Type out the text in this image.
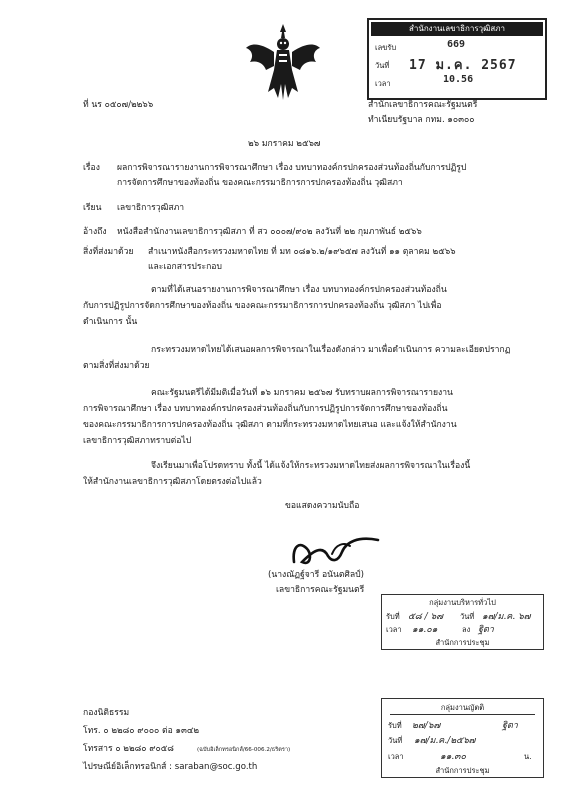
สำนักงานเลขาธิการวุฒิสภา
เลขรับ	669
วันที่ 17 ม.ค. 2567
เวลา	10.56
ที่ นร ๐๕๐๗/๒๒๖๖	สำนักเลขาธิการคณะรัฐมนตรี
ทำเนียบรัฐบาล กทม. ๑๐๓๐๐
๒๖ มกราคม ๒๕๖๗
เรื่อง ผลการพิจารณารายงานการพิจารณาศึกษา เรื่อง บทบาทองค์กรปกครองส่วนท้องถิ่นกับการปฏิรูป
การจัดการศึกษาของท้องถิ่น ของคณะกรรมาธิการการปกครองท้องถิ่น วุฒิสภา
เรียน เลขาธิการวุฒิสภา
อ้างถึง หนังสือสำนักงานเลขาธิการวุฒิสภา ที่ สว ๐๐๐๗/๙๐๒ ลงวันที่ ๒๒ กุมภาพันธ์ ๒๕๖๖
สิ่งที่ส่งมาด้วย สำเนาหนังสือกระทรวงมหาดไทย ที่ มท ๐๘๑๖.๒/๑๙๖๕๗ ลงวันที่ ๑๑ ตุลาคม ๒๕๖๖
และเอกสารประกอบ
ตามที่ได้เสนอรายงานการพิจารณาศึกษา เรื่อง บทบาทองค์กรปกครองส่วนท้องถิ่น
กับการปฏิรูปการจัดการศึกษาของท้องถิ่น ของคณะกรรมาธิการการปกครองท้องถิ่น วุฒิสภา ไปเพื่อ
ดำเนินการ นั้น
กระทรวงมหาดไทยได้เสนอผลการพิจารณาในเรื่องดังกล่าว มาเพื่อดำเนินการ ความละเอียดปรากฏ
ตามสิ่งที่ส่งมาด้วย
คณะรัฐมนตรีได้มีมติเมื่อวันที่ ๑๖ มกราคม ๒๕๖๗ รับทราบผลการพิจารณารายงาน
การพิจารณาศึกษา เรื่อง บทบาทองค์กรปกครองส่วนท้องถิ่นกับการปฏิรูปการจัดการศึกษาของท้องถิ่น
ของคณะกรรมาธิการการปกครองท้องถิ่น วุฒิสภา ตามที่กระทรวงมหาดไทยเสนอ และแจ้งให้สำนักงาน
เลขาธิการวุฒิสภาทราบต่อไป
จึงเรียนมาเพื่อโปรดทราบ ทั้งนี้ ได้แจ้งให้กระทรวงมหาดไทยส่งผลการพิจารณาในเรื่องนี้
ให้สำนักงานเลขาธิการวุฒิสภาโดยตรงต่อไปแล้ว
ขอแสดงความนับถือ
(นางณัฏฐ์จารี อนันตศิลป์)
เลขาธิการคณะรัฐมนตรี
กลุ่มงานบริหารทั่วไป
รับที่ ๕๘ / ๖๗ วันที่ ๑๗/ม.ค. ๖๗
เวลา ๑๑.๐๑	ลง ฐิตา
สำนักการประชุม
กลุ่มงานญัตติ
รับที่ ๒๗/๖๗	ฐิตา
วันที่ ๑๗/ม.ค./๒๕๖๗
เวลา	๑๑.๓๐	น.
สำนักการประชุม
กองนิติธรรม
โทร. ๐ ๒๒๘๐ ๙๐๐๐ ต่อ ๑๓๔๒
โทรสาร ๐ ๒๒๘๐ ๙๐๕๘	(ฉบับอิเล็กทรอนิกส์/66-006.2/ธริตรา)
ไปรษณีย์อิเล็กทรอนิกส์ : saraban@soc.go.th
